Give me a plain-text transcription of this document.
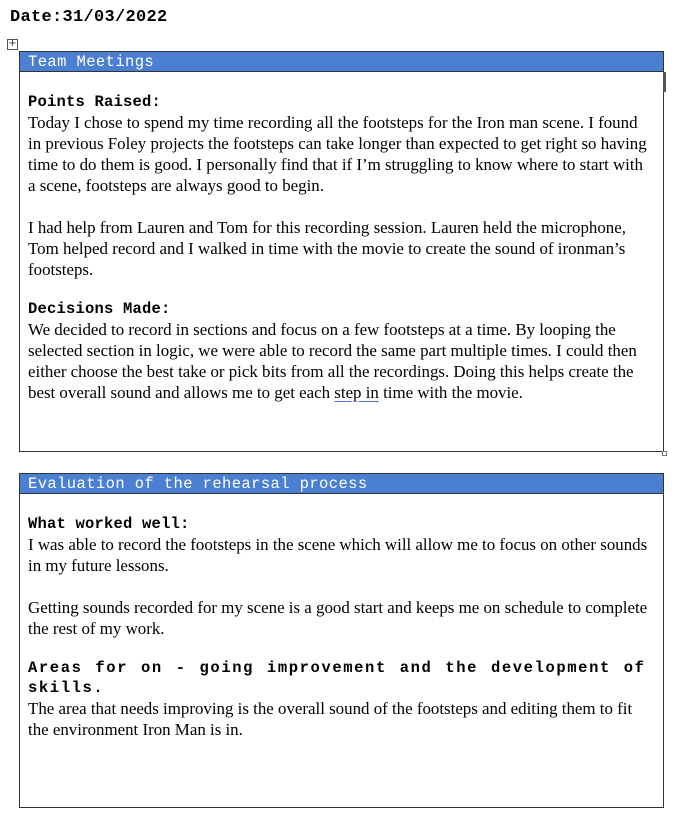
Date:31/03/2022
+
Team Meetings
Points Raised:
Today I chose to spend my time recording all the footsteps for the Iron man scene. I found in previous Foley projects the footsteps can take longer than expected to get right so having time to do them is good. I personally find that if I’m struggling to know where to start with a scene, footsteps are always good to begin.
I had help from Lauren and Tom for this recording session. Lauren held the microphone, Tom helped record and I walked in time with the movie to create the sound of ironman’s footsteps.
Decisions Made:
We decided to record in sections and focus on a few footsteps at a time. By looping the selected section in logic, we were able to record the same part multiple times. I could then either choose the best take or pick bits from all the recordings. Doing this helps create the best overall sound and allows me to get each step in time with the movie.
Evaluation of the rehearsal process
What worked well:
I was able to record the footsteps in the scene which will allow me to focus on other sounds in my future lessons.
Getting sounds recorded for my scene is a good start and keeps me on schedule to complete the rest of my work.
Areas for on - going improvement and the development of skills.
The area that needs improving is the overall sound of the footsteps and editing them to fit the environment Iron Man is in.
